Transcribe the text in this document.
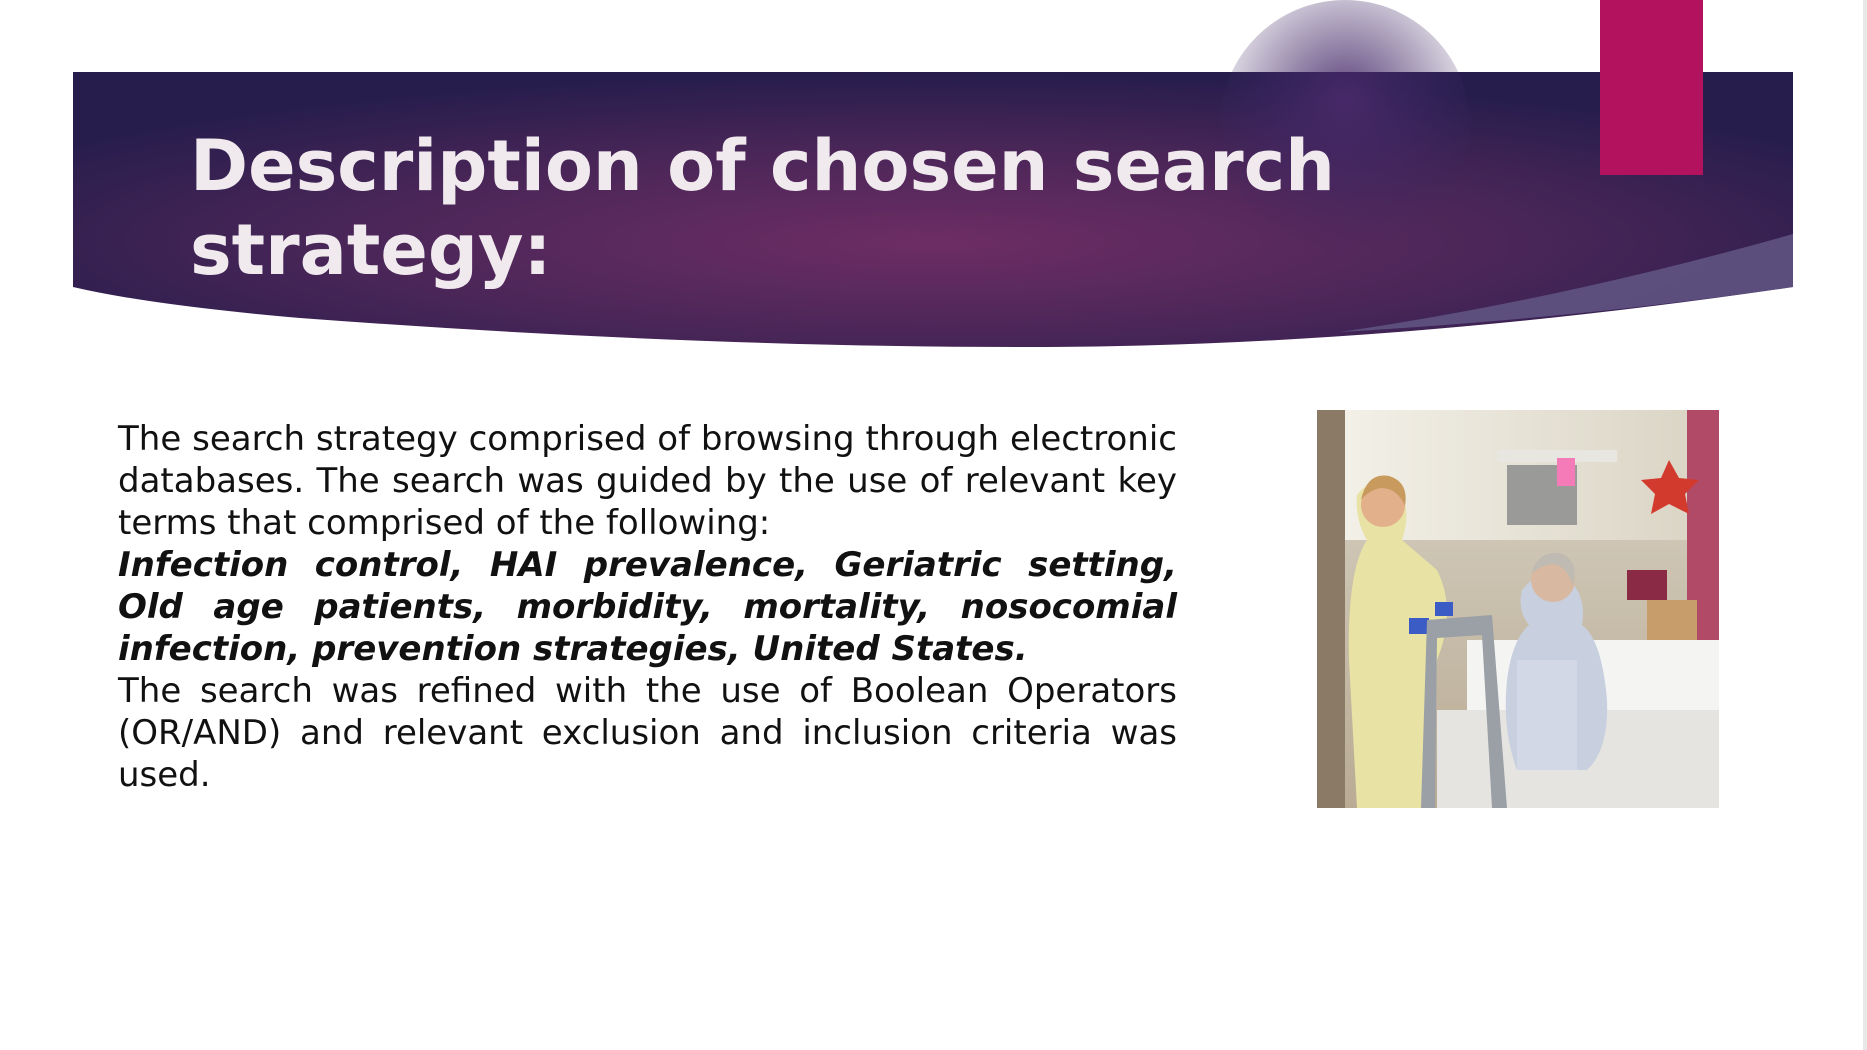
Description of chosen search strategy:

The search strategy comprised of browsing through electronic databases. The search was guided by the use of relevant key terms that comprised of the following:

Infection control, HAI prevalence, Geriatric setting, Old age patients, morbidity, mortality, nosocomial infection, prevention strategies, United States.

The search was refined with the use of Boolean Operators (OR/AND) and relevant exclusion and inclusion criteria was used.
